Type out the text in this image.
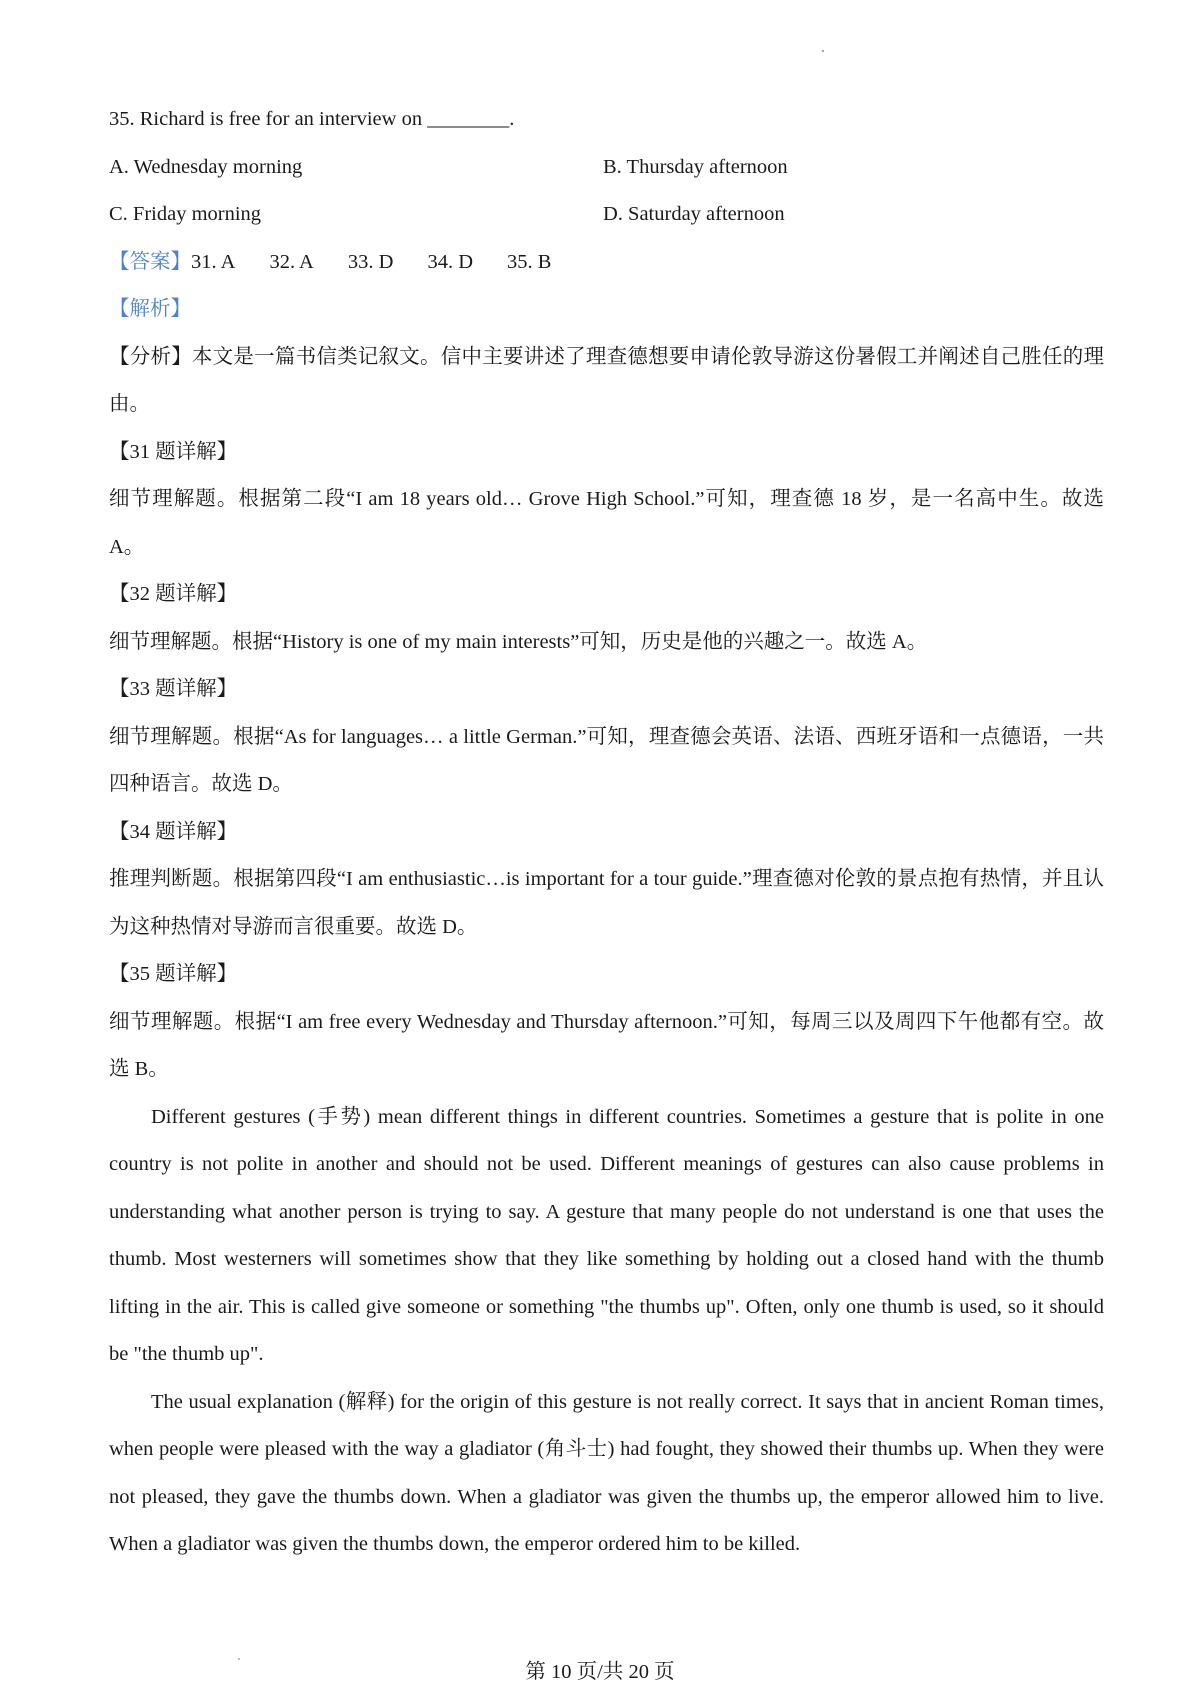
35. Richard is free for an interview on ________.
A. Wednesday morning	B. Thursday afternoon
C. Friday morning	D. Saturday afternoon
【答案】31. A 32. A 33. D 34. D 35. B
【解析】
【分析】本文是一篇书信类记叙文。信中主要讲述了理查德想要申请伦敦导游这份暑假工并阐述自己胜任的理由。
【31 题详解】
细节理解题。根据第二段“I am 18 years old… Grove High School.”可知，理查德 18 岁，是一名高中生。故选 A。
【32 题详解】
细节理解题。根据“History is one of my main interests”可知，历史是他的兴趣之一。故选 A。
【33 题详解】
细节理解题。根据“As for languages… a little German.”可知，理查德会英语、法语、西班牙语和一点德语，一共四种语言。故选 D。
【34 题详解】
推理判断题。根据第四段“I am enthusiastic…is important for a tour guide.”理查德对伦敦的景点抱有热情，并且认为这种热情对导游而言很重要。故选 D。
【35 题详解】
细节理解题。根据“I am free every Wednesday and Thursday afternoon.”可知，每周三以及周四下午他都有空。故选 B。
Different gestures (手势) mean different things in different countries. Sometimes a gesture that is polite in one country is not polite in another and should not be used. Different meanings of gestures can also cause problems in understanding what another person is trying to say. A gesture that many people do not understand is one that uses the thumb. Most westerners will sometimes show that they like something by holding out a closed hand with the thumb lifting in the air. This is called give someone or something "the thumbs up". Often, only one thumb is used, so it should be "the thumb up".
The usual explanation (解释) for the origin of this gesture is not really correct. It says that in ancient Roman times, when people were pleased with the way a gladiator (角斗士) had fought, they showed their thumbs up. When they were not pleased, they gave the thumbs down. When a gladiator was given the thumbs up, the emperor allowed him to live. When a gladiator was given the thumbs down, the emperor ordered him to be killed.
第 10 页/共 20 页
